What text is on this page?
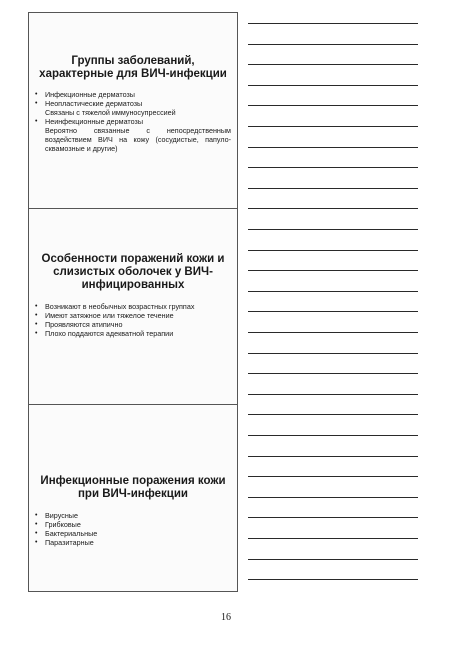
Группы заболеваний, характерные для ВИЧ-инфекции
• Инфекционные дерматозы
• Неопластические дерматозы
Связаны с тяжелой иммуносупрессией
• Неинфекционные дерматозы
Вероятно связанные с непосредственным воздействием ВИЧ на кожу (сосудистые, папуло-сквамозные и другие)
Особенности поражений кожи и слизистых оболочек у ВИЧ-инфицированных
• Возникают в необычных возрастных группах
• Имеют затяжное или тяжелое течение
• Проявляются атипично
• Плохо поддаются адекватной терапии
Инфекционные поражения кожи при ВИЧ-инфекции
• Вирусные
• Грибковые
• Бактериальные
• Паразитарные
16
